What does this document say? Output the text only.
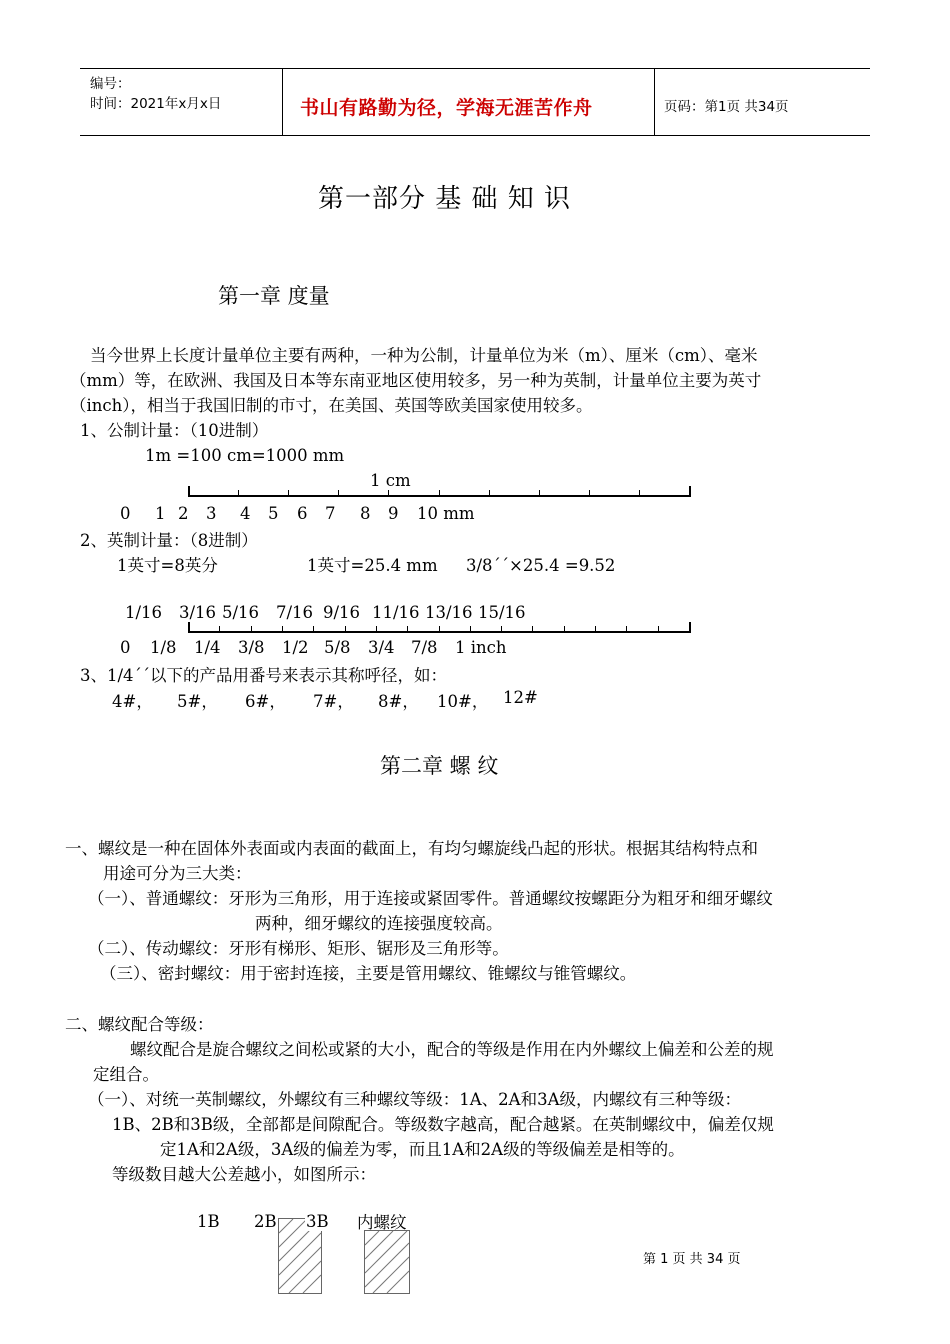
编号：
时间：2021年x月x日	书山有路勤为径，学海无涯苦作舟	页码：第1页 共34页
第一部分 基 础 知 识
第一章 度量
当今世界上长度计量单位主要有两种，一种为公制，计量单位为米（m）、厘米（cm）、毫米
（mm）等，在欧洲、我国及日本等东南亚地区使用较多，另一种为英制，计量单位主要为英寸
（inch），相当于我国旧制的市寸，在美国、英国等欧美国家使用较多。
1、公制计量：（10进制）
1m =100 cm=1000 mm
1 cm
0 1 2 3 4 5 6 7 8 9 10 mm
2、英制计量：（8进制）
1英寸=8英分	1英寸=25.4 mm 3/8´´×25.4 =9.52
1/16 3/16 5/16 7/16 9/16 11/16 13/16 15/16
0 1/8 1/4 3/8 1/2 5/8 3/4 7/8 1 inch
3、1/4´´以下的产品用番号来表示其称呼径，如：
4#， 5#， 6#， 7#， 8#， 10#， 12#
第二章 螺 纹
一、螺纹是一种在固体外表面或内表面的截面上，有均匀螺旋线凸起的形状。根据其结构特点和
用途可分为三大类：
（一）、普通螺纹：牙形为三角形，用于连接或紧固零件。普通螺纹按螺距分为粗牙和细牙螺纹
两种，细牙螺纹的连接强度较高。
（二）、传动螺纹：牙形有梯形、矩形、锯形及三角形等。
（三）、密封螺纹：用于密封连接，主要是管用螺纹、锥螺纹与锥管螺纹。
二、螺纹配合等级：
螺纹配合是旋合螺纹之间松或紧的大小，配合的等级是作用在内外螺纹上偏差和公差的规
定组合。
（一）、对统一英制螺纹，外螺纹有三种螺纹等级：1A、2A和3A级，内螺纹有三种等级：
1B、2B和3B级，全部都是间隙配合。等级数字越高，配合越紧。在英制螺纹中，偏差仅规
定1A和2A级，3A级的偏差为零，而且1A和2A级的等级偏差是相等的。
等级数目越大公差越小，如图所示：
1B 2B 3B 内螺纹
第 1 页 共 34 页
